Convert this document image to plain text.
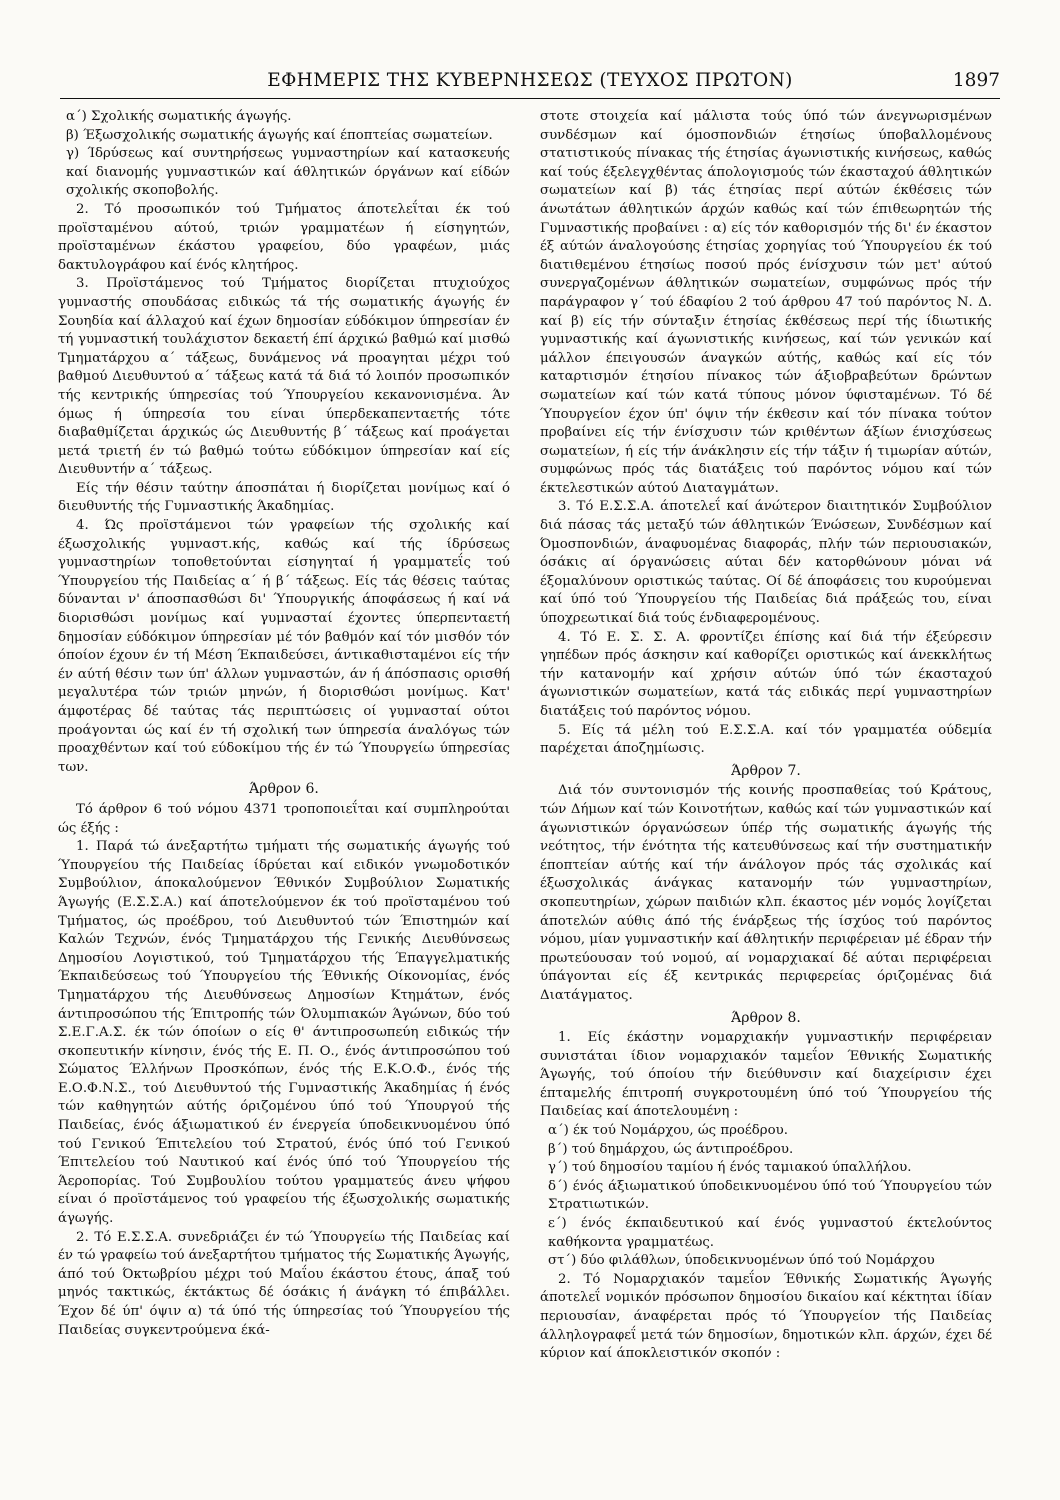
ΕΦΗΜΕΡΙΣ ΤΗΣ ΚΥΒΕΡΝΗΣΕΩΣ (ΤΕΥΧΟΣ ΠΡΩΤΟΝ)	1897

α΄) Σχολικής σωματικής άγωγής.

β) Έξωσχολικής σωματικής άγωγής καί έποπτείας σωματείων.

γ) Ίδρύσεως καί συντηρήσεως γυμναστηρίων καί κατασκευής καί διανομής γυμναστικών καί άθλητικών όργάνων καί είδών σχολικής σκοποβολής.

2. Τό προσωπικόν τού Τμήματος άποτελεΐται έκ τού προϊσταμένου αύτού, τριών γραμματέων ή είσηγητών, προϊσταμένων έκάστου γραφείου, δύο γραφέων, μιάς δακτυλογράφου καί ένός κλητήρος.

3. Προϊστάμενος τού Τμήματος διορίζεται πτυχιούχος γυμναστής σπουδάσας ειδικώς τά τής σωματικής άγωγής έν Σουηδία καί άλλαχού καί έχων δημοσίαν εύδόκιμον ύπηρεσίαν έν τή γυμναστική τουλάχιστον δεκαετή έπί άρχικώ βαθμώ καί μισθώ Τμηματάρχου α΄ τάξεως, δυνάμενος νά προαγηται μέχρι τού βαθμού Διευθυντού α΄ τάξεως κατά τά διά τό λοιπόν προσωπικόν τής κεντρικής ύπηρεσίας τού Ύπουργείου κεκανονισμένα. Άν όμως ή ύπηρεσία του είναι ύπερδεκαπενταετής τότε διαβαθμίζεται άρχικώς ώς Διευθυντής β΄ τάξεως καί προάγεται μετά τριετή έν τώ βαθμώ τούτω εύδόκιμον ύπηρεσίαν καί είς Διευθυντήν α΄ τάξεως.

Είς τήν θέσιν ταύτην άποσπάται ή διορίζεται μονίμως καί ό διευθυντής τής Γυμναστικής Άκαδημίας.

4. Ώς προϊστάμενοι τών γραφείων τής σχολικής καί έξωσχολικής γυμναστ.κής, καθώς καί τής ίδρύσεως γυμναστηρίων τοποθετούνται είσηγηταί ή γραμματεΐς τού Ύπουργείου τής Παιδείας α΄ ή β΄ τάξεως. Είς τάς θέσεις ταύτας δύνανται ν' άποσπασθώσι δι' Ύπουργικής άποφάσεως ή καί νά διορισθώσι μονίμως καί γυμνασταί έχοντες ύπερπενταετή δημοσίαν εύδόκιμον ύπηρεσίαν μέ τόν βαθμόν καί τόν μισθόν τόν όποίον έχουν έν τή Μέση Έκπαιδεύσει, άντικαθισταμένοι είς τήν έν αύτή θέσιν των ύπ' άλλων γυμναστών, άν ή άπόσπασις ορισθή μεγαλυτέρα τών τριών μηνών, ή διορισθώσι μονίμως. Κατ' άμφοτέρας δέ ταύτας τάς περιπτώσεις οί γυμνασταί ούτοι προάγονται ώς καί έν τή σχολική των ύπηρεσία άναλόγως τών προαχθέντων καί τού εύδοκίμου τής έν τώ Ύπουργείω ύπηρεσίας των.

Άρθρον 6.

Τό άρθρον 6 τού νόμου 4371 τροποποιεΐται καί συμπληρούται ώς έξής :

1. Παρά τώ άνεξαρτήτω τμήματι τής σωματικής άγωγής τού Ύπουργείου τής Παιδείας ίδρύεται καί ειδικόν γνωμοδοτικόν Συμβούλιον, άποκαλούμενον Έθνικόν Συμβούλιον Σωματικής Άγωγής (Ε.Σ.Σ.Α.) καί άποτελούμενον έκ τού προϊσταμένου τού Τμήματος, ώς προέδρου, τού Διευθυντού τών Έπιστημών καί Καλών Τεχνών, ένός Τμηματάρχου τής Γενικής Διευθύνσεως Δημοσίου Λογιστικού, τού Τμηματάρχου τής Έπαγγελματικής Έκπαιδεύσεως τού Ύπουργείου τής Έθνικής Οίκονομίας, ένός Τμηματάρχου τής Διευθύνσεως Δημοσίων Κτημάτων, ένός άντιπροσώπου τής Έπιτροπής τών Όλυμπιακών Άγώνων, δύο τού Σ.Ε.Γ.Α.Σ. έκ τών όποίων ο είς θ' άντιπροσωπεύη ειδικώς τήν σκοπευτικήν κίνησιν, ένός τής Ε. Π. Ο., ένός άντιπροσώπου τού Σώματος Έλλήνων Προσκόπων, ένός τής Ε.Κ.Ο.Φ., ένός τής Ε.Ο.Φ.Ν.Σ., τού Διευθυντού τής Γυμναστικής Άκαδημίας ή ένός τών καθηγητών αύτής όριζομένου ύπό τού Ύπουργού τής Παιδείας, ένός άξιωματικού έν ένεργεία ύποδεικνυομένου ύπό τού Γενικού Έπιτελείου τού Στρατού, ένός ύπό τού Γενικού Έπιτελείου τού Ναυτικού καί ένός ύπό τού Ύπουργείου τής Άεροπορίας. Τού Συμβουλίου τούτου γραμματεύς άνευ ψήφου είναι ό προϊστάμενος τού γραφείου τής έξωσχολικής σωματικής άγωγής.

2. Τό Ε.Σ.Σ.Α. συνεδριάζει έν τώ Ύπουργείω τής Παιδείας καί έν τώ γραφείω τού άνεξαρτήτου τμήματος τής Σωματικής Άγωγής, άπό τού Όκτωβρίου μέχρι τού Μαΐου έκάστου έτους, άπαξ τού μηνός τακτικώς, έκτάκτως δέ όσάκις ή άνάγκη τό έπιβάλλει. Έχον δέ ύπ' όψιν α) τά ύπό τής ύπηρεσίας τού Ύπουργείου τής Παιδείας συγκεντρούμενα έκά-

στοτε στοιχεία καί μάλιστα τούς ύπό τών άνεγνωρισμένων συνδέσμων καί όμοσπονδιών έτησίως ύποβαλλομένους στατιστικούς πίνακας τής έτησίας άγωνιστικής κινήσεως, καθώς καί τούς έξελεγχθέντας άπολογισμούς τών έκασταχού άθλητικών σωματείων καί β) τάς έτησίας περί αύτών έκθέσεις τών άνωτάτων άθλητικών άρχών καθώς καί τών έπιθεωρητών τής Γυμναστικής προβαίνει : α) είς τόν καθορισμόν τής δι' έν έκαστον έξ αύτών άναλογούσης έτησίας χορηγίας τού Ύπουργείου έκ τού διατιθεμένου έτησίως ποσού πρός ένίσχυσιν τών μετ' αύτού συνεργαζομένων άθλητικών σωματείων, συμφώνως πρός τήν παράγραφον γ΄ τού έδαφίου 2 τού άρθρου 47 τού παρόντος Ν. Δ. καί β) είς τήν σύνταξιν έτησίας έκθέσεως περί τής ίδιωτικής γυμναστικής καί άγωνιστικής κινήσεως, καί τών γενικών καί μάλλον έπειγουσών άναγκών αύτής, καθώς καί είς τόν καταρτισμόν έτησίου πίνακος τών άξιοβραβεύτων δρώντων σωματείων καί τών κατά τύπους μόνον ύφισταμένων. Τό δέ Ύπουργείον έχον ύπ' όψιν τήν έκθεσιν καί τόν πίνακα τούτον προβαίνει είς τήν ένίσχυσιν τών κριθέντων άξίων ένισχύσεως σωματείων, ή είς τήν άνάκλησιν είς τήν τάξιν ή τιμωρίαν αύτών, συμφώνως πρός τάς διατάξεις τού παρόντος νόμου καί τών έκτελεστικών αύτού Διαταγμάτων.

3. Τό Ε.Σ.Σ.Α. άποτελεΐ καί άνώτερον διαιτητικόν Συμβούλιον διά πάσας τάς μεταξύ τών άθλητικών Ένώσεων, Συνδέσμων καί Όμοσπονδιών, άναφυομένας διαφοράς, πλήν τών περιουσιακών, όσάκις αί όργανώσεις αύται δέν κατορθώνουν μόναι νά έξομαλύνουν οριστικώς ταύτας. Οί δέ άποφάσεις του κυρούμεναι καί ύπό τού Ύπουργείου τής Παιδείας διά πράξεώς του, είναι ύποχρεωτικαί διά τούς ένδιαφερομένους.

4. Τό Ε. Σ. Σ. Α. φροντίζει έπίσης καί διά τήν έξεύρεσιν γηπέδων πρός άσκησιν καί καθορίζει οριστικώς καί άνεκκλήτως τήν κατανομήν καί χρήσιν αύτών ύπό τών έκασταχού άγωνιστικών σωματείων, κατά τάς ειδικάς περί γυμναστηρίων διατάξεις τού παρόντος νόμου.

5. Είς τά μέλη τού Ε.Σ.Σ.Α. καί τόν γραμματέα ούδεμία παρέχεται άποζημίωσις.

Άρθρον 7.

Διά τόν συντονισμόν τής κοινής προσπαθείας τού Κράτους, τών Δήμων καί τών Κοινοτήτων, καθώς καί τών γυμναστικών καί άγωνιστικών όργανώσεων ύπέρ τής σωματικής άγωγής τής νεότητος, τήν ένότητα τής κατευθύνσεως καί τήν συστηματικήν έποπτείαν αύτής καί τήν άνάλογον πρός τάς σχολικάς καί έξωσχολικάς άνάγκας κατανομήν τών γυμναστηρίων, σκοπευτηρίων, χώρων παιδιών κλπ. έκαστος μέν νομός λογίζεται άποτελών αύθις άπό τής ένάρξεως τής ίσχύος τού παρόντος νόμου, μίαν γυμναστικήν καί άθλητικήν περιφέρειαν μέ έδραν τήν πρωτεύουσαν τού νομού, αί νομαρχιακαί δέ αύται περιφέρειαι ύπάγονται είς έξ κεντρικάς περιφερείας όριζομένας διά Διατάγματος.

Άρθρον 8.

1. Είς έκάστην νομαρχιακήν γυμναστικήν περιφέρειαν συνιστάται ίδιον νομαρχιακόν ταμεΐον Έθνικής Σωματικής Άγωγής, τού όποίου τήν διεύθυνσιν καί διαχείρισιν έχει έπταμελής έπιτροπή συγκροτουμένη ύπό τού Ύπουργείου τής Παιδείας καί άποτελουμένη :

α΄) έκ τού Νομάρχου, ώς προέδρου.

β΄) τού δημάρχου, ώς άντιπροέδρου.

γ΄) τού δημοσίου ταμίου ή ένός ταμιακού ύπαλλήλου.

δ΄) ένός άξιωματικού ύποδεικνυομένου ύπό τού Ύπουργείου τών Στρατιωτικών.

ε΄) ένός έκπαιδευτικού καί ένός γυμναστού έκτελούντος καθήκοντα γραμματέως.

στ΄) δύο φιλάθλων, ύποδεικνυομένων ύπό τού Νομάρχου

2. Τό Νομαρχιακόν ταμεΐον Έθνικής Σωματικής Άγωγής άποτελεΐ νομικόν πρόσωπον δημοσίου δικαίου καί κέκτηται ίδίαν περιουσίαν, άναφέρεται πρός τό Ύπουργείον τής Παιδείας άλληλογραφεΐ μετά τών δημοσίων, δημοτικών κλπ. άρχών, έχει δέ κύριον καί άποκλειστικόν σκοπόν :
